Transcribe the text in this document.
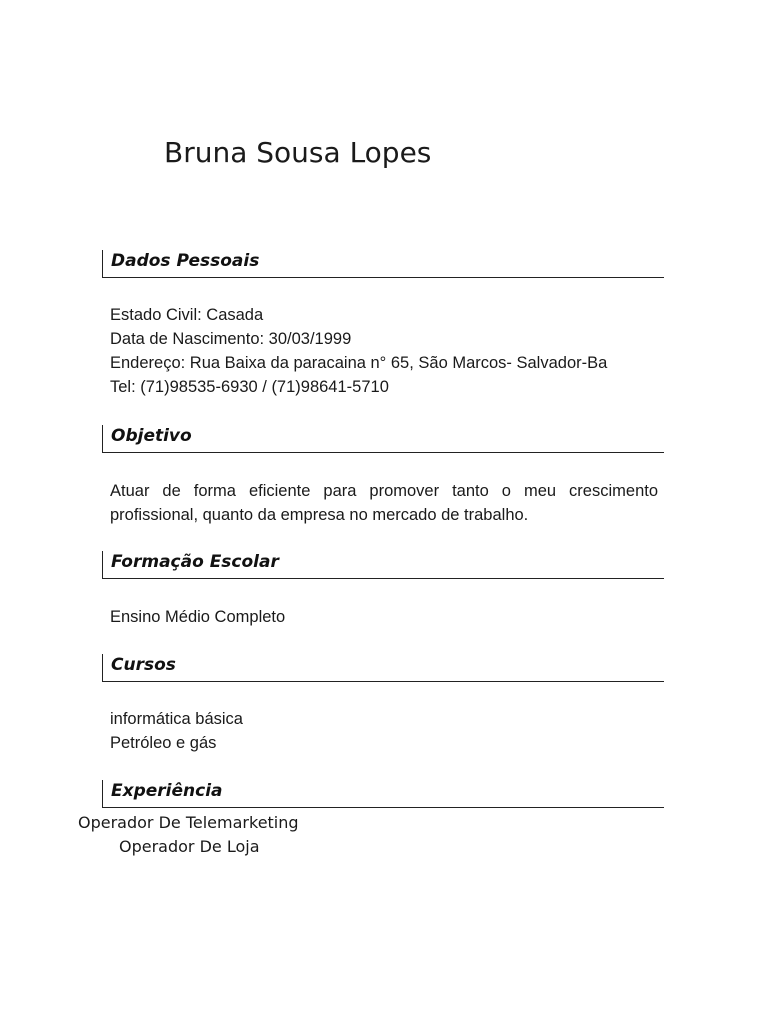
Bruna Sousa Lopes
Dados Pessoais

Estado Civil: Casada

Data de Nascimento: 30/03/1999

Endereço: Rua Baixa da paracaina n° 65, São Marcos- Salvador-Ba

Tel: (71)98535-6930 / (71)98641-5710

Objetivo

Atuar de forma eficiente para promover tanto o meu crescimento profissional, quanto da empresa no mercado de trabalho.

Formação Escolar

Ensino Médio Completo

Cursos

informática básica

Petróleo e gás

Experiência

Operador De Telemarketing

Operador De Loja
